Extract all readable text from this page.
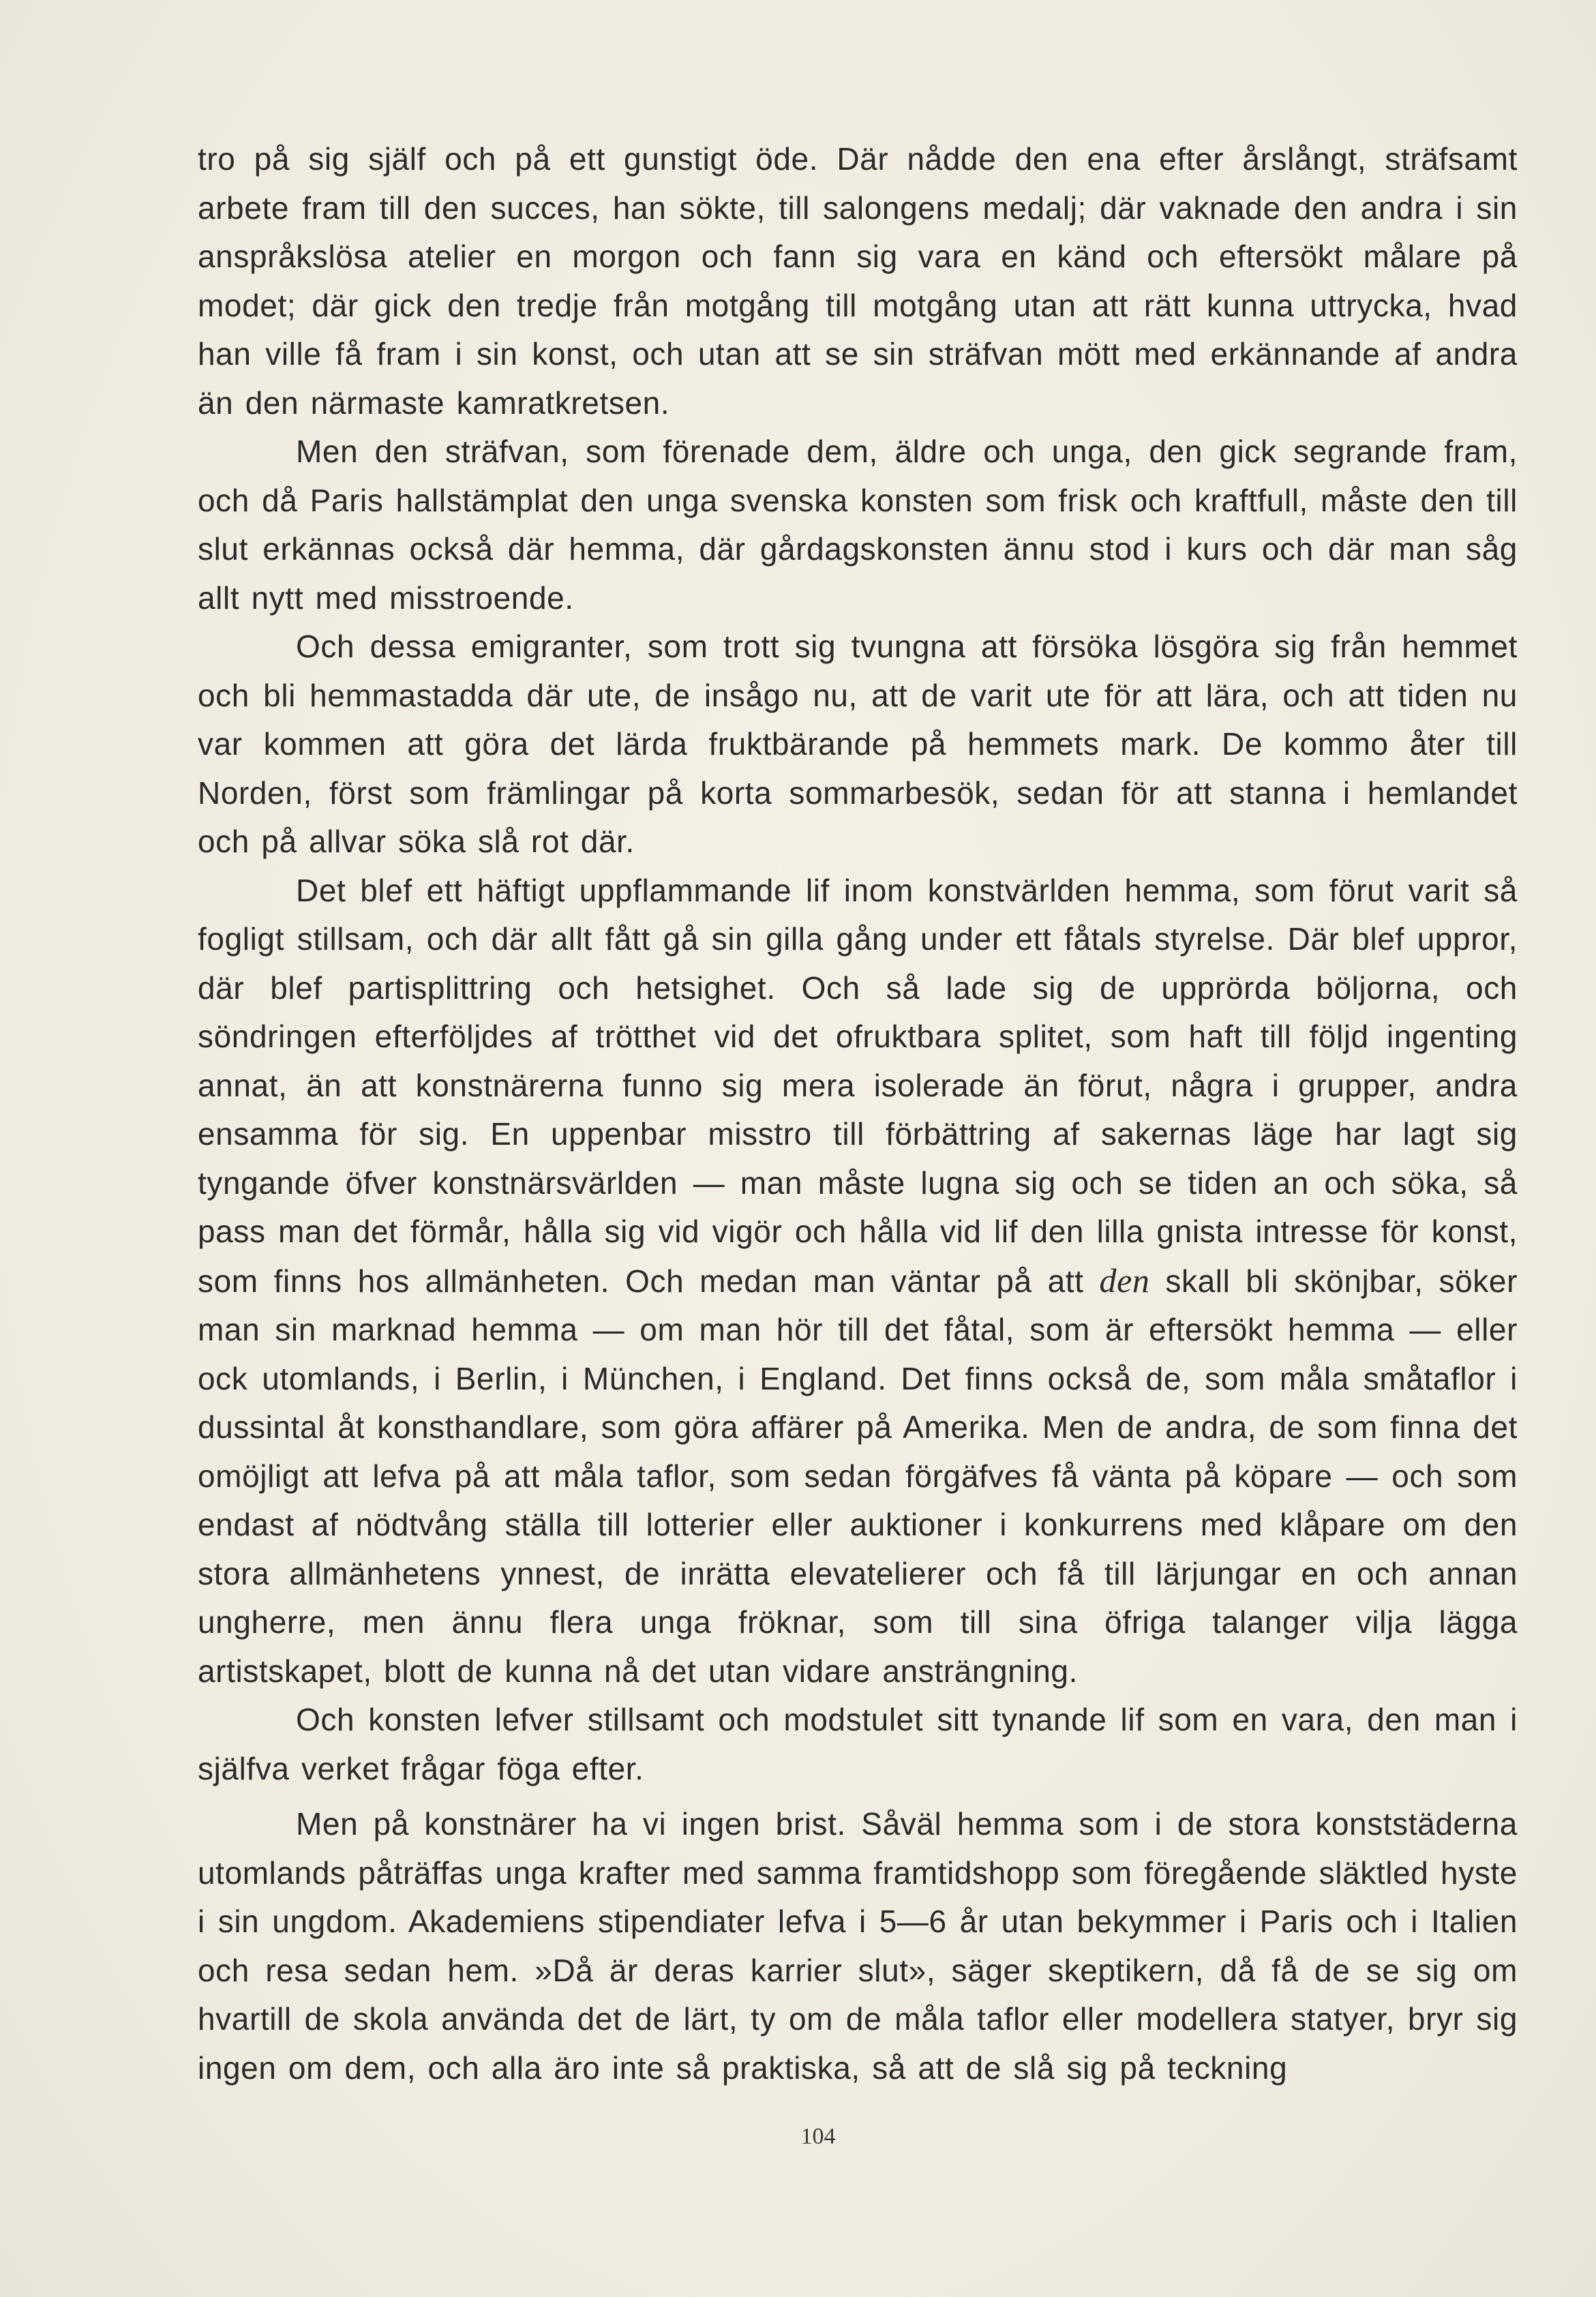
tro på sig själf och på ett gunstigt öde. Där nådde den ena efter årslångt, sträfsamt arbete fram till den succes, han sökte, till salongens medalj; där vaknade den andra i sin anspråkslösa atelier en morgon och fann sig vara en känd och eftersökt målare på modet; där gick den tredje från motgång till motgång utan att rätt kunna uttrycka, hvad han ville få fram i sin konst, och utan att se sin sträfvan mött med erkännande af andra än den närmaste kamratkretsen.

Men den sträfvan, som förenade dem, äldre och unga, den gick segrande fram, och då Paris hallstämplat den unga svenska konsten som frisk och kraftfull, måste den till slut erkännas också där hemma, där gårdagskonsten ännu stod i kurs och där man såg allt nytt med misstroende.

Och dessa emigranter, som trott sig tvungna att försöka lösgöra sig från hemmet och bli hemmastadda där ute, de insågo nu, att de varit ute för att lära, och att tiden nu var kommen att göra det lärda fruktbärande på hemmets mark. De kommo åter till Norden, först som främlingar på korta sommarbesök, sedan för att stanna i hemlandet och på allvar söka slå rot där.

Det blef ett häftigt uppflammande lif inom konstvärlden hemma, som förut varit så fogligt stillsam, och där allt fått gå sin gilla gång under ett fåtals styrelse. Där blef uppror, där blef partisplittring och hetsighet. Och så lade sig de upprörda böljorna, och söndringen efterföljdes af trötthet vid det ofruktbara splitet, som haft till följd ingenting annat, än att konstnärerna funno sig mera isolerade än förut, några i grupper, andra ensamma för sig. En uppenbar misstro till förbättring af sakernas läge har lagt sig tyngande öfver konstnärsvärlden — man måste lugna sig och se tiden an och söka, så pass man det förmår, hålla sig vid vigör och hålla vid lif den lilla gnista intresse för konst, som finns hos allmänheten. Och medan man väntar på att den skall bli skönjbar, söker man sin marknad hemma — om man hör till det fåtal, som är eftersökt hemma — eller ock utomlands, i Berlin, i München, i England. Det finns också de, som måla småtaflor i dussintal åt konsthandlare, som göra affärer på Amerika. Men de andra, de som finna det omöjligt att lefva på att måla taflor, som sedan förgäfves få vänta på köpare — och som endast af nödtvång ställa till lotterier eller auktioner i konkurrens med klåpare om den stora allmänhetens ynnest, de inrätta elevatelierer och få till lärjungar en och annan ungherre, men ännu flera unga fröknar, som till sina öfriga talanger vilja lägga artistskapet, blott de kunna nå det utan vidare ansträngning.

Och konsten lefver stillsamt och modstulet sitt tynande lif som en vara, den man i själfva verket frågar föga efter.

Men på konstnärer ha vi ingen brist. Såväl hemma som i de stora konststäderna utomlands påträffas unga krafter med samma framtidshopp som föregående släktled hyste i sin ungdom. Akademiens stipendiater lefva i 5—6 år utan bekymmer i Paris och i Italien och resa sedan hem. »Då är deras karrier slut», säger skeptikern, då få de se sig om hvartill de skola använda det de lärt, ty om de måla taflor eller modellera statyer, bryr sig ingen om dem, och alla äro inte så praktiska, så att de slå sig på teckning

104
